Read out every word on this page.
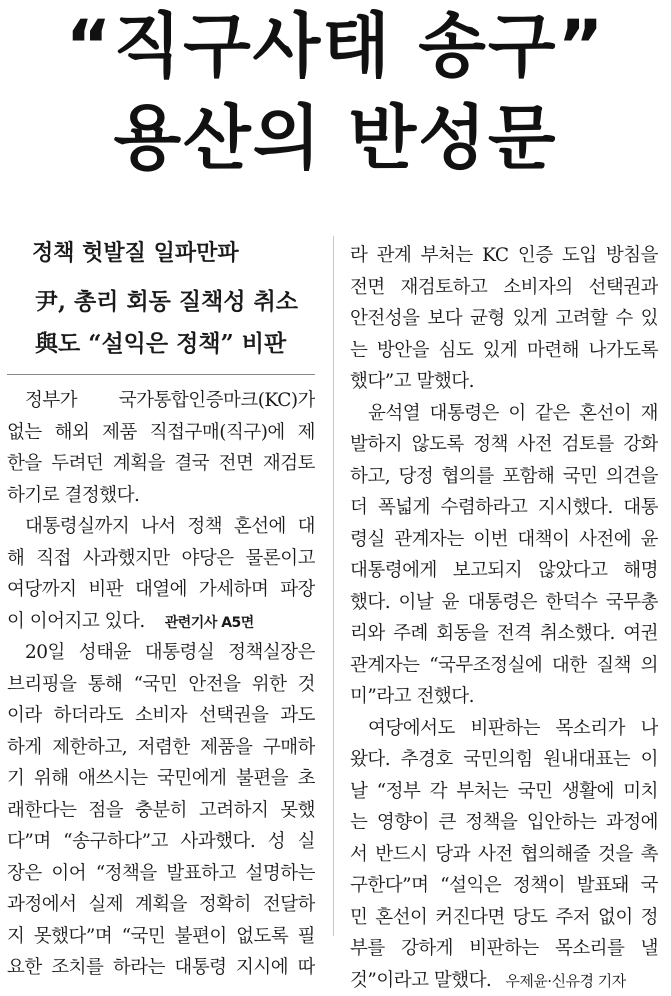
“직구사태 송구”
용산의 반성문

정책 헛발질 일파만파

尹, 총리 회동 질책성 취소

與도 “설익은 정책” 비판

정부가 국가통합인증마크(KC)가
없는 해외 제품 직접구매(직구)에 제
한을 두려던 계획을 결국 전면 재검토
하기로 결정했다.
대통령실까지 나서 정책 혼선에 대
해 직접 사과했지만 야당은 물론이고
여당까지 비판 대열에 가세하며 파장
이 이어지고 있다. 관련기사 A5면
20일 성태윤 대통령실 정책실장은
브리핑을 통해 “국민 안전을 위한 것
이라 하더라도 소비자 선택권을 과도
하게 제한하고, 저렴한 제품을 구매하
기 위해 애쓰시는 국민에게 불편을 초
래한다는 점을 충분히 고려하지 못했
다”며 “송구하다”고 사과했다. 성 실
장은 이어 “정책을 발표하고 설명하는
과정에서 실제 계획을 정확히 전달하
지 못했다”며 “국민 불편이 없도록 필
요한 조치를 하라는 대통령 지시에 따
라 관계 부처는 KC 인증 도입 방침을
전면 재검토하고 소비자의 선택권과
안전성을 보다 균형 있게 고려할 수 있
는 방안을 심도 있게 마련해 나가도록
했다”고 말했다.
윤석열 대통령은 이 같은 혼선이 재
발하지 않도록 정책 사전 검토를 강화
하고, 당정 협의를 포함해 국민 의견을
더 폭넓게 수렴하라고 지시했다. 대통
령실 관계자는 이번 대책이 사전에 윤
대통령에게 보고되지 않았다고 해명
했다. 이날 윤 대통령은 한덕수 국무총
리와 주례 회동을 전격 취소했다. 여권
관계자는 “국무조정실에 대한 질책 의
미”라고 전했다.
여당에서도 비판하는 목소리가 나
왔다. 추경호 국민의힘 원내대표는 이
날 “정부 각 부처는 국민 생활에 미치
는 영향이 큰 정책을 입안하는 과정에
서 반드시 당과 사전 협의해줄 것을 촉
구한다”며 “설익은 정책이 발표돼 국
민 혼선이 커진다면 당도 주저 없이 정
부를 강하게 비판하는 목소리를 낼
것”이라고 말했다. 우제윤·신유경 기자
